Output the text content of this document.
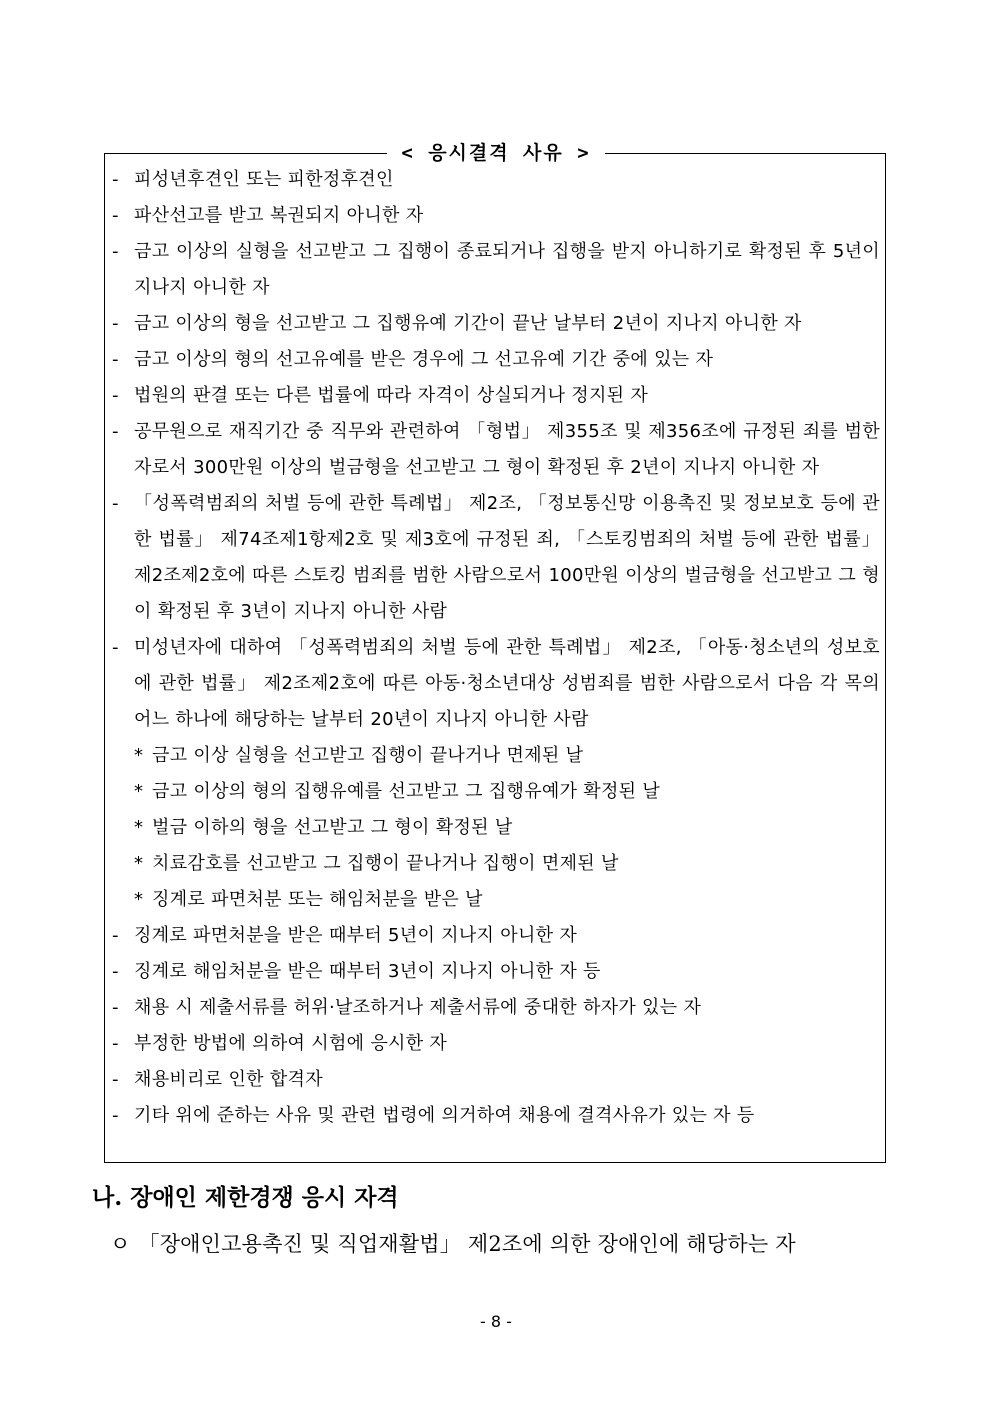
< 응시결격 사유 >
- 피성년후견인 또는 피한정후견인
- 파산선고를 받고 복권되지 아니한 자
- 금고 이상의 실형을 선고받고 그 집행이 종료되거나 집행을 받지 아니하기로 확정된 후 5년이 지나지 아니한 자
- 금고 이상의 형을 선고받고 그 집행유예 기간이 끝난 날부터 2년이 지나지 아니한 자
- 금고 이상의 형의 선고유예를 받은 경우에 그 선고유예 기간 중에 있는 자
- 법원의 판결 또는 다른 법률에 따라 자격이 상실되거나 정지된 자
- 공무원으로 재직기간 중 직무와 관련하여 「형법」 제355조 및 제356조에 규정된 죄를 범한 자로서 300만원 이상의 벌금형을 선고받고 그 형이 확정된 후 2년이 지나지 아니한 자
- 「성폭력범죄의 처벌 등에 관한 특례법」 제2조, 「정보통신망 이용촉진 및 정보보호 등에 관한 법률」 제74조제1항제2호 및 제3호에 규정된 죄, 「스토킹범죄의 처벌 등에 관한 법률」 제2조제2호에 따른 스토킹 범죄를 범한 사람으로서 100만원 이상의 벌금형을 선고받고 그 형이 확정된 후 3년이 지나지 아니한 사람
- 미성년자에 대하여 「성폭력범죄의 처벌 등에 관한 특례법」 제2조, 「아동·청소년의 성보호에 관한 법률」 제2조제2호에 따른 아동·청소년대상 성범죄를 범한 사람으로서 다음 각 목의 어느 하나에 해당하는 날부터 20년이 지나지 아니한 사람
* 금고 이상 실형을 선고받고 집행이 끝나거나 면제된 날
* 금고 이상의 형의 집행유예를 선고받고 그 집행유예가 확정된 날
* 벌금 이하의 형을 선고받고 그 형이 확정된 날
* 치료감호를 선고받고 그 집행이 끝나거나 집행이 면제된 날
* 징계로 파면처분 또는 해임처분을 받은 날
- 징계로 파면처분을 받은 때부터 5년이 지나지 아니한 자
- 징계로 해임처분을 받은 때부터 3년이 지나지 아니한 자 등
- 채용 시 제출서류를 허위·날조하거나 제출서류에 중대한 하자가 있는 자
- 부정한 방법에 의하여 시험에 응시한 자
- 채용비리로 인한 합격자
- 기타 위에 준하는 사유 및 관련 법령에 의거하여 채용에 결격사유가 있는 자 등
나. 장애인 제한경쟁 응시 자격
ㅇ 「장애인고용촉진 및 직업재활법」 제2조에 의한 장애인에 해당하는 자
- 8 -
